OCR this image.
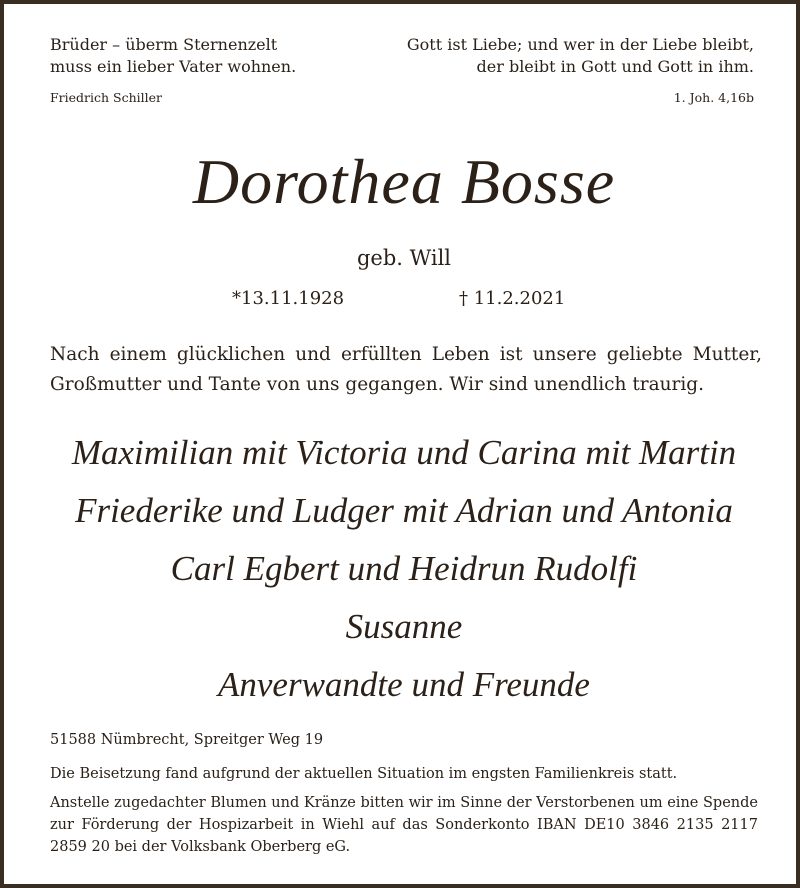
Brüder – überm Sternenzelt
muss ein lieber Vater wohnen.
Friedrich Schiller
Gott ist Liebe; und wer in der Liebe bleibt,
der bleibt in Gott und Gott in ihm.
1. Joh. 4,16b
Dorothea Bosse
geb. Will
*13.11.1928	† 11.2.2021
Nach einem glücklichen und erfüllten Leben ist unsere geliebte Mutter, Großmutter und Tante von uns gegangen. Wir sind unendlich traurig.
Maximilian mit Victoria und Carina mit Martin
Friederike und Ludger mit Adrian und Antonia
Carl Egbert und Heidrun Rudolfi
Susanne
Anverwandte und Freunde
51588 Nümbrecht, Spreitger Weg 19
Die Beisetzung fand aufgrund der aktuellen Situation im engsten Familienkreis statt.
Anstelle zugedachter Blumen und Kränze bitten wir im Sinne der Verstorbenen um eine Spende zur Förderung der Hospizarbeit in Wiehl auf das Sonderkonto IBAN DE10 3846 2135 2117 2859 20 bei der Volksbank Oberberg eG.
